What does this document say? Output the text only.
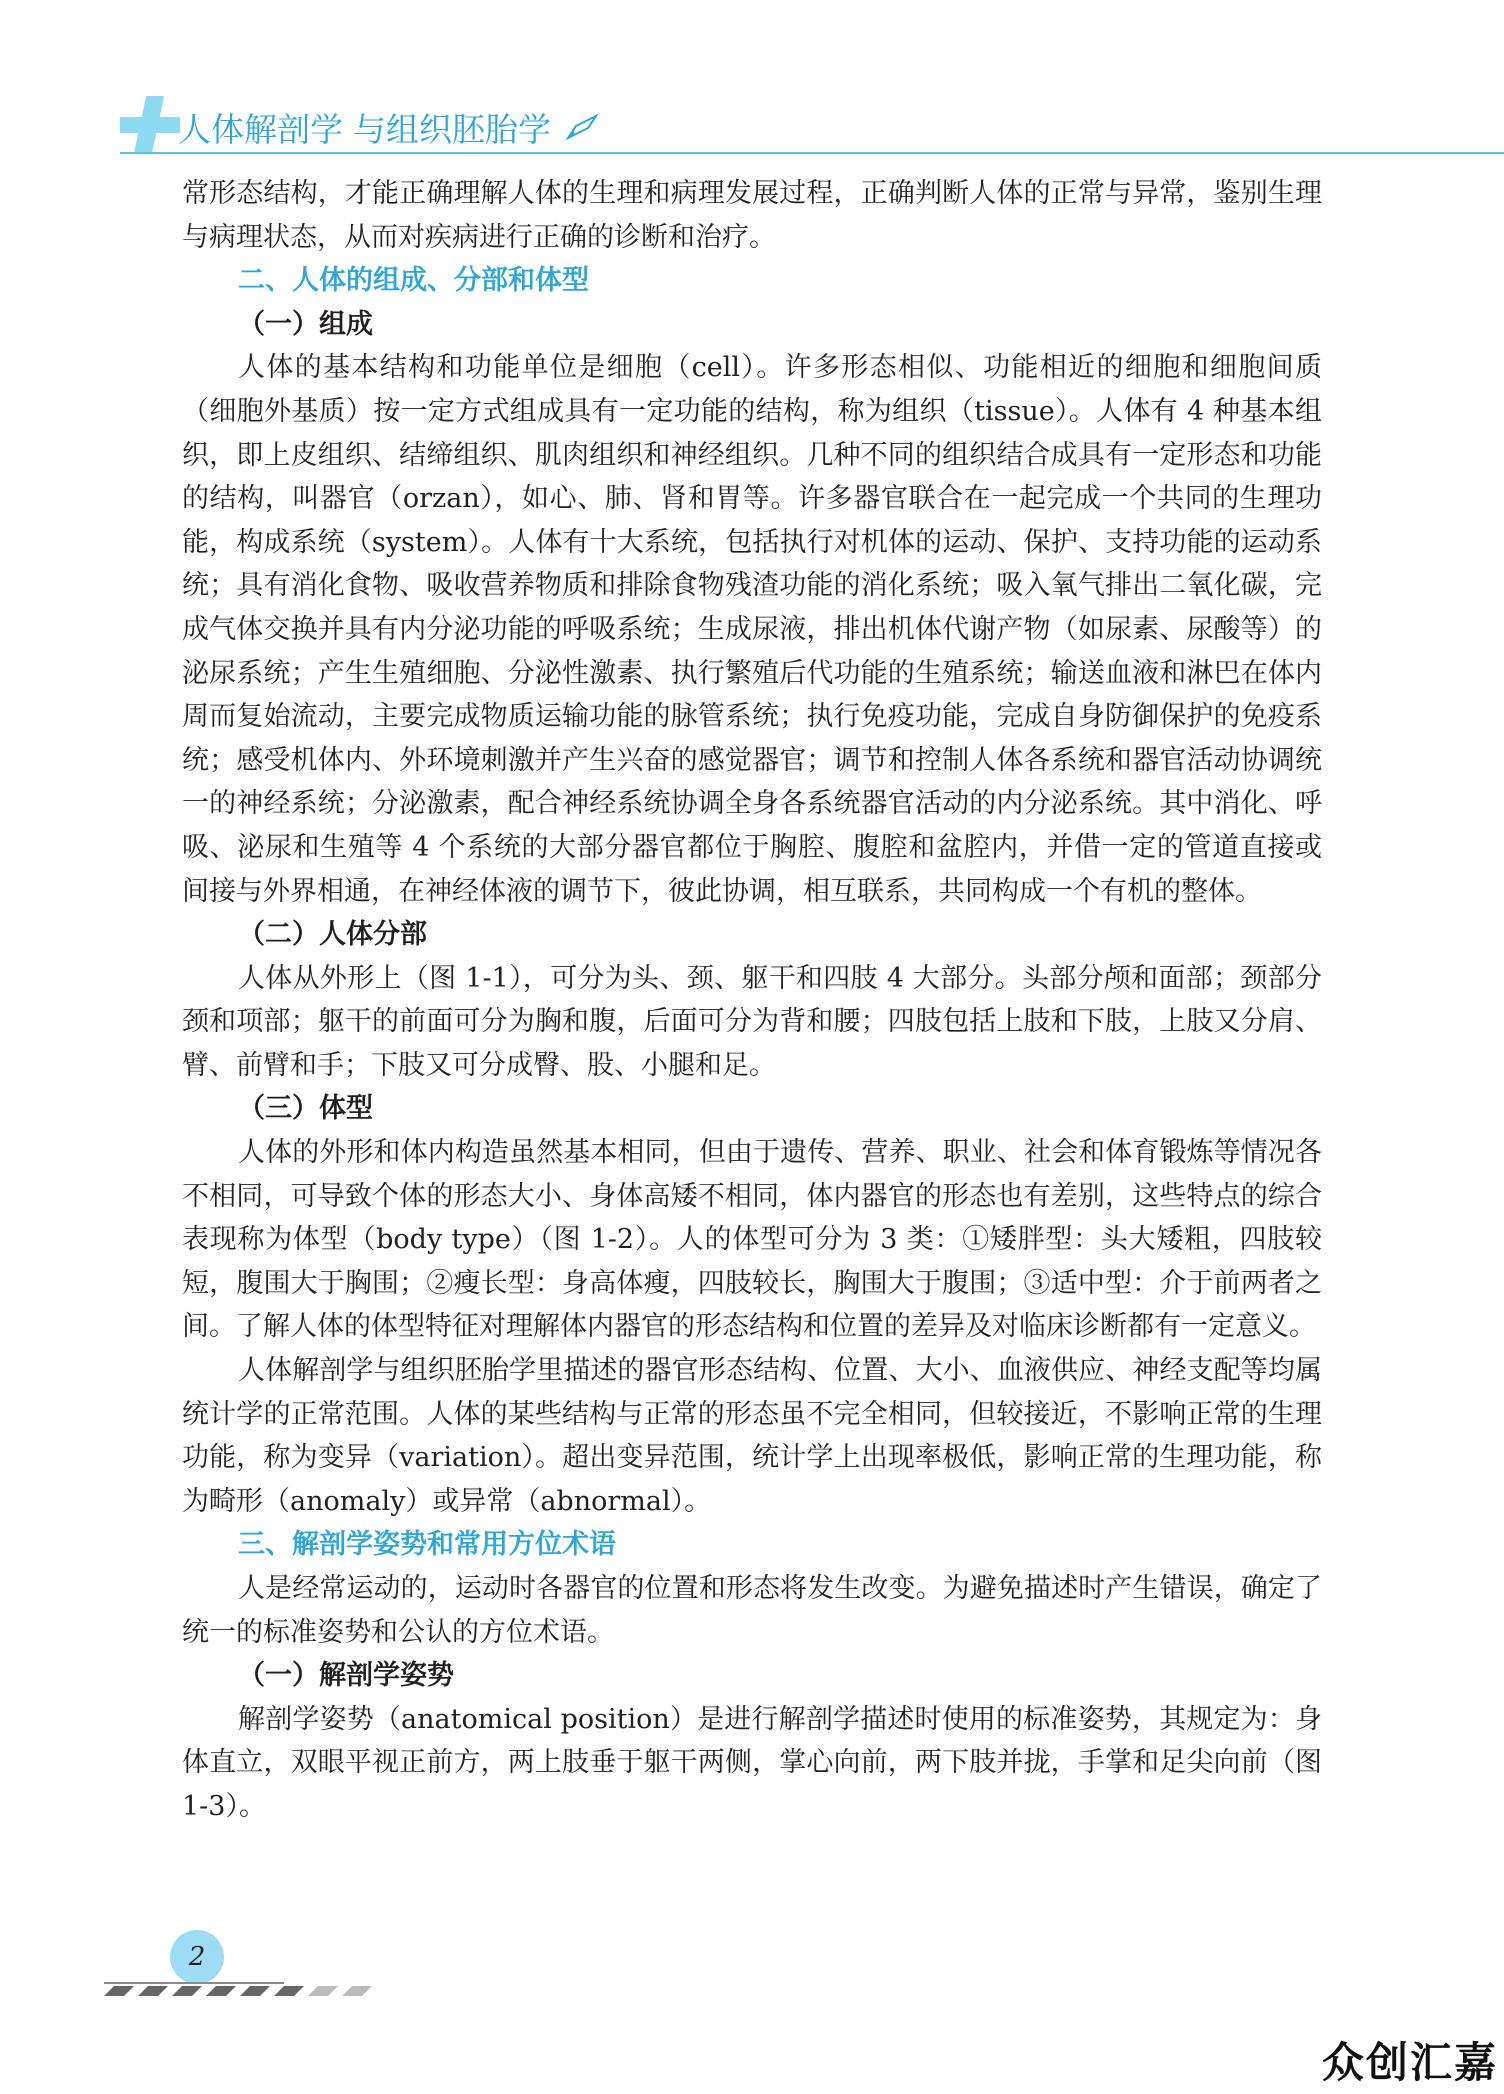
人体解剖学 与组织胚胎学

常形态结构，才能正确理解人体的生理和病理发展过程，正确判断人体的正常与异常，鉴别生理与病理状态，从而对疾病进行正确的诊断和治疗。

二、人体的组成、分部和体型
（一）组成

人体的基本结构和功能单位是细胞（cell）。许多形态相似、功能相近的细胞和细胞间质（细胞外基质）按一定方式组成具有一定功能的结构，称为组织（tissue）。人体有 4 种基本组织，即上皮组织、结缔组织、肌肉组织和神经组织。几种不同的组织结合成具有一定形态和功能的结构，叫器官（orzan），如心、肺、肾和胃等。许多器官联合在一起完成一个共同的生理功能，构成系统（system）。人体有十大系统，包括执行对机体的运动、保护、支持功能的运动系统；具有消化食物、吸收营养物质和排除食物残渣功能的消化系统；吸入氧气排出二氧化碳，完成气体交换并具有内分泌功能的呼吸系统；生成尿液，排出机体代谢产物（如尿素、尿酸等）的泌尿系统；产生生殖细胞、分泌性激素、执行繁殖后代功能的生殖系统；输送血液和淋巴在体内周而复始流动，主要完成物质运输功能的脉管系统；执行免疫功能，完成自身防御保护的免疫系统；感受机体内、外环境刺激并产生兴奋的感觉器官；调节和控制人体各系统和器官活动协调统一的神经系统；分泌激素，配合神经系统协调全身各系统器官活动的内分泌系统。其中消化、呼吸、泌尿和生殖等 4 个系统的大部分器官都位于胸腔、腹腔和盆腔内，并借一定的管道直接或间接与外界相通，在神经体液的调节下，彼此协调，相互联系，共同构成一个有机的整体。

（二）人体分部

人体从外形上（图 1-1），可分为头、颈、躯干和四肢 4 大部分。头部分颅和面部；颈部分颈和项部；躯干的前面可分为胸和腹，后面可分为背和腰；四肢包括上肢和下肢，上肢又分肩、臂、前臂和手；下肢又可分成臀、股、小腿和足。

（三）体型

人体的外形和体内构造虽然基本相同，但由于遗传、营养、职业、社会和体育锻炼等情况各不相同，可导致个体的形态大小、身体高矮不相同，体内器官的形态也有差别，这些特点的综合表现称为体型（body type）（图 1-2）。人的体型可分为 3 类：①矮胖型：头大矮粗，四肢较短，腹围大于胸围；②瘦长型：身高体瘦，四肢较长，胸围大于腹围；③适中型：介于前两者之间。了解人体的体型特征对理解体内器官的形态结构和位置的差异及对临床诊断都有一定意义。

人体解剖学与组织胚胎学里描述的器官形态结构、位置、大小、血液供应、神经支配等均属统计学的正常范围。人体的某些结构与正常的形态虽不完全相同，但较接近，不影响正常的生理功能，称为变异（variation）。超出变异范围，统计学上出现率极低，影响正常的生理功能，称为畸形（anomaly）或异常（abnormal）。

三、解剖学姿势和常用方位术语

人是经常运动的，运动时各器官的位置和形态将发生改变。为避免描述时产生错误，确定了统一的标准姿势和公认的方位术语。

（一）解剖学姿势

解剖学姿势（anatomical position）是进行解剖学描述时使用的标准姿势，其规定为：身体直立，双眼平视正前方，两上肢垂于躯干两侧，掌心向前，两下肢并拢，手掌和足尖向前（图 1-3）。

2
众创汇嘉
